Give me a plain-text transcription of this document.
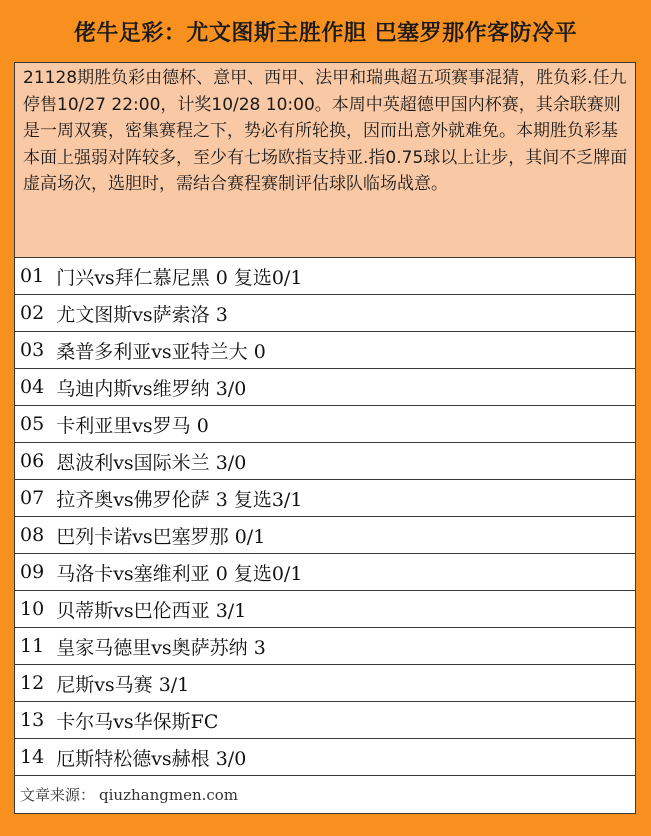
佬牛足彩：尤文图斯主胜作胆 巴塞罗那作客防冷平
21128期胜负彩由德杯、意甲、西甲、法甲和瑞典超五项赛事混猜，胜负彩.任九停售10/27 22:00，计奖10/28 10:00。本周中英超德甲国内杯赛，其余联赛则是一周双赛，密集赛程之下，势必有所轮换，因而出意外就难免。本期胜负彩基本面上强弱对阵较多，至少有七场欧指支持亚.指0.75球以上让步，其间不乏牌面虚高场次，选胆时，需结合赛程赛制评估球队临场战意。
01 门兴vs拜仁慕尼黑 0 复选0/1
02 尤文图斯vs萨索洛 3
03 桑普多利亚vs亚特兰大 0
04 乌迪内斯vs维罗纳 3/0
05 卡利亚里vs罗马 0
06 恩波利vs国际米兰 3/0
07 拉齐奥vs佛罗伦萨 3 复选3/1
08 巴列卡诺vs巴塞罗那 0/1
09 马洛卡vs塞维利亚 0 复选0/1
10 贝蒂斯vs巴伦西亚 3/1
11 皇家马德里vs奥萨苏纳 3
12 尼斯vs马赛 3/1
13 卡尔马vs华保斯FC
14 厄斯特松德vs赫根 3/0
文章来源： qiuzhangmen.com
